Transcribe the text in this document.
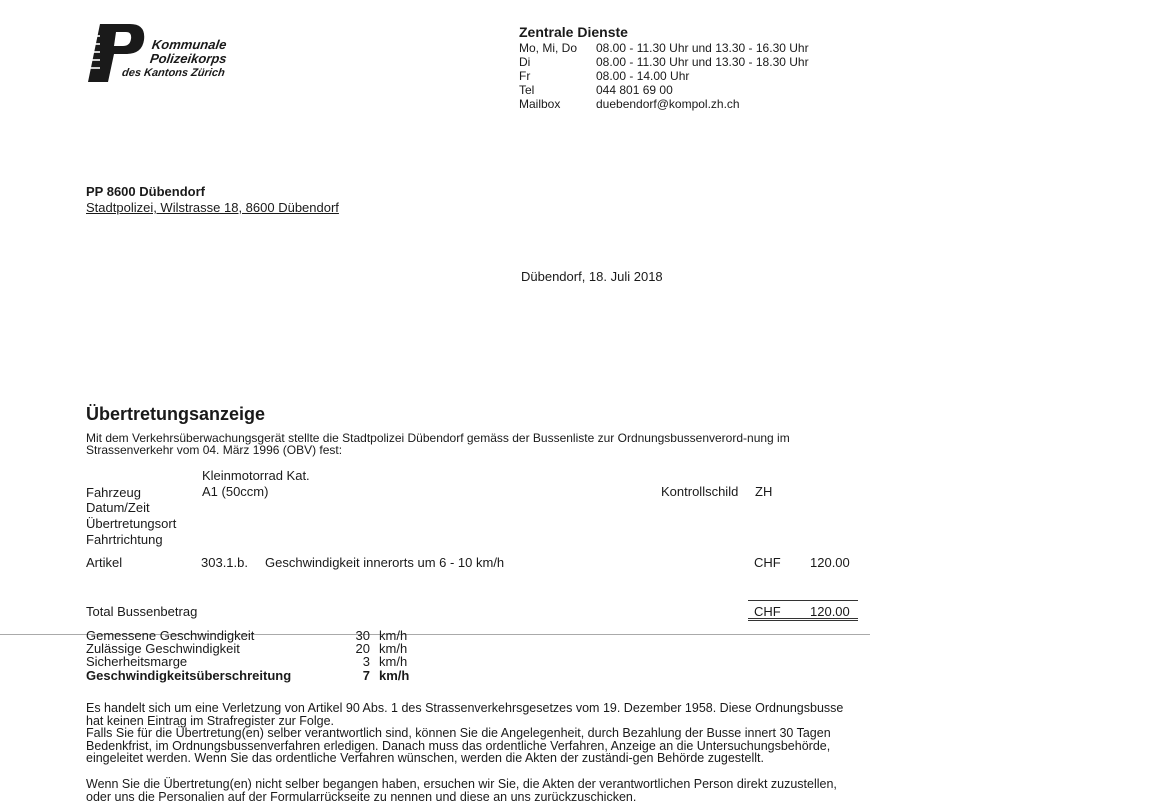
Kommunale
Polizeikorps
des Kantons Zürich
Zentrale Dienste
Mo, Mi, Do	08.00 - 11.30 Uhr und 13.30 - 16.30 Uhr
Di	08.00 - 11.30 Uhr und 13.30 - 18.30 Uhr
Fr	08.00 - 14.00 Uhr
Tel	044 801 69 00
Mailbox	duebendorf@kompol.zh.ch
PP 8600 Dübendorf
Stadtpolizei, Wilstrasse 18, 8600 Dübendorf
Dübendorf, 18. Juli 2018
Übertretungsanzeige
Mit dem Verkehrsüberwachungsgerät stellte die Stadtpolizei Dübendorf gemäss der Bussenliste zur Ordnungsbussenverord-nung im Strassenverkehr vom 04. März 1996 (OBV) fest:
Kleinmotorrad Kat.
Fahrzeug	A1 (50ccm)	Kontrollschild ZH
Datum/Zeit
Übertretungsort
Fahrtrichtung
Artikel	303.1.b. Geschwindigkeit innerorts um 6 - 10 km/h	CHF 120.00
Total Bussenbetrag	CHF 120.00
Gemessene Geschwindigkeit	30 km/h
Zulässige Geschwindigkeit	20 km/h
Sicherheitsmarge	3 km/h
Geschwindigkeitsüberschreitung	7 km/h
Es handelt sich um eine Verletzung von Artikel 90 Abs. 1 des Strassenverkehrsgesetzes vom 19. Dezember 1958. Diese Ordnungsbusse hat keinen Eintrag im Strafregister zur Folge.
Falls Sie für die Übertretung(en) selber verantwortlich sind, können Sie die Angelegenheit, durch Bezahlung der Busse innert 30 Tagen Bedenkfrist, im Ordnungsbussenverfahren erledigen. Danach muss das ordentliche Verfahren, Anzeige an die Untersuchungsbehörde, eingeleitet werden. Wenn Sie das ordentliche Verfahren wünschen, werden die Akten der zuständi-gen Behörde zugestellt.
Wenn Sie die Übertretung(en) nicht selber begangen haben, ersuchen wir Sie, die Akten der verantwortlichen Person direkt zuzustellen, oder uns die Personalien auf der Formularrückseite zu nennen und diese an uns zurückzuschicken.
